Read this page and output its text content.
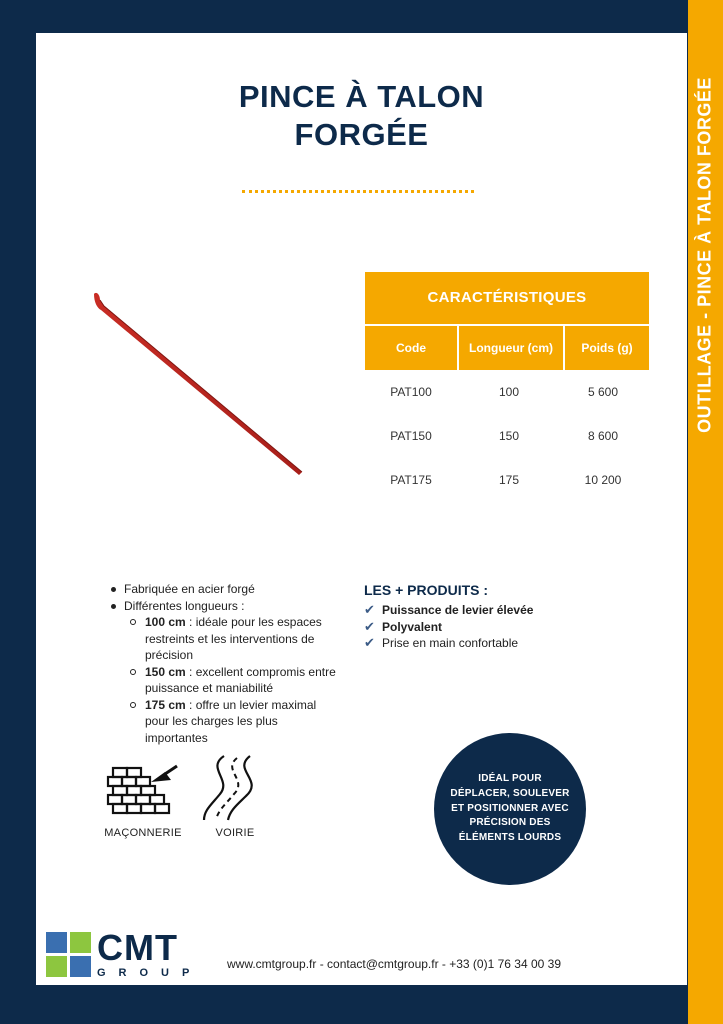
OUTILLAGE - PINCE À TALON FORGÉE
PINCE À TALON
FORGÉE
CARACTÉRISTIQUES
Code	Longueur (cm)	Poids (g)
PAT100	100	5 600
PAT150	150	8 600
PAT175	175	10 200
Fabriquée en acier forgé
Différentes longueurs :
100 cm : idéale pour les espaces restreints et les interventions de précision
150 cm : excellent compromis entre puissance et maniabilité
175 cm : offre un levier maximal pour les charges les plus importantes
LES + PRODUITS :
✔ Puissance de levier élevée
✔ Polyvalent
✔ Prise en main confortable
MAÇONNERIE	VOIRIE
IDÉAL POUR DÉPLACER, SOULEVER ET POSITIONNER AVEC PRÉCISION DES ÉLÉMENTS LOURDS
CMT
GROUP
www.cmtgroup.fr - contact@cmtgroup.fr - +33 (0)1 76 34 00 39
